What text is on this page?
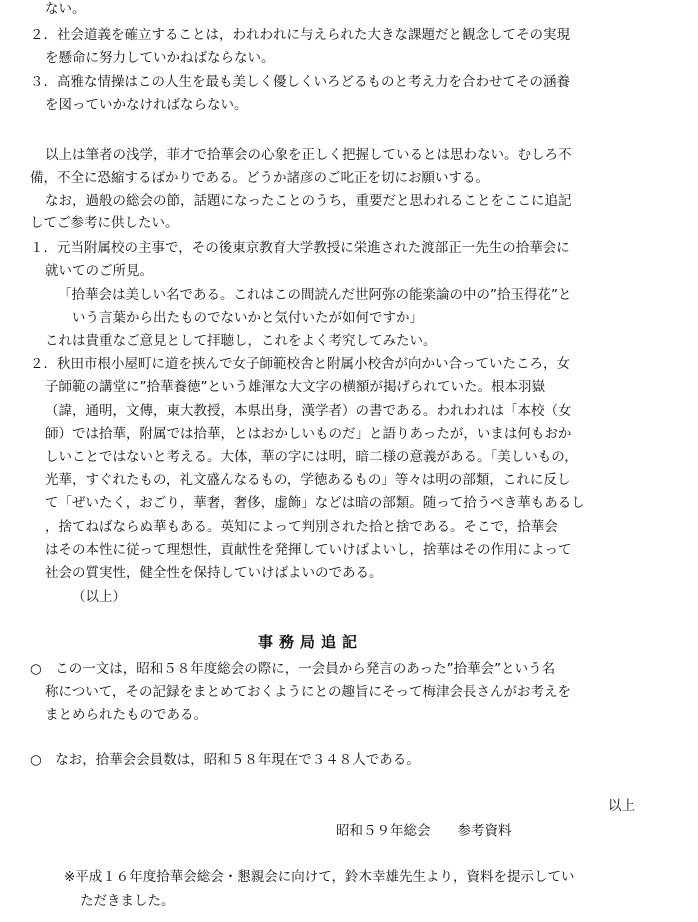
ない。
２．社会道義を確立することは，われわれに与えられた大きな課題だと観念してその実現
を懸命に努力していかねばならない。
３．高雅な情操はこの人生を最も美しく優しくいろどるものと考え力を合わせてその涵養
を図っていかなければならない。
以上は筆者の浅学，菲才で拾華会の心象を正しく把握しているとは思わない。むしろ不
備，不全に恐縮するばかりである。どうか諸彦のご叱正を切にお願いする。
なお，過般の総会の節，話題になったことのうち，重要だと思われることをここに追記
してご参考に供したい。
１．元当附属校の主事で，その後東京教育大学教授に栄進された渡部正一先生の拾華会に
就いてのご所見。
「拾華会は美しい名である。これはこの間読んだ世阿弥の能楽論の中の”拾玉得花”と
いう言葉から出たものでないかと気付いたが如何ですか」
これは貴重なご意見として拝聴し，これをよく考究してみたい。
２．秋田市根小屋町に道を挟んで女子師範校舎と附属小校舎が向かい合っていたころ，女
子師範の講堂に”拾華養徳”という雄渾な大文字の横額が掲げられていた。根本羽嶽
（諱，通明，文傳，東大教授，本県出身，漢学者）の書である。われわれは「本校（女
師）では拾華，附属では拾華，とはおかしいものだ」と語りあったが，いまは何もおか
しいことではないと考える。大体，華の字には明，暗二様の意義がある。「美しいもの，
光華，すぐれたもの，礼文盛んなるもの，学徳あるもの」等々は明の部類，これに反し
て「ぜいたく，おごり，華奢，奢侈，虚飾」などは暗の部類。随って拾うべき華もあるし
，捨てねばならぬ華もある。英知によって判別された拾と捨である。そこで，拾華会
はその本性に従って理想性，貢献性を発揮していけばよいし，捨華はその作用によって
社会の質実性，健全性を保持していけばよいのである。
（以上）
事務局追記
○　この一文は，昭和５８年度総会の際に，一会員から発言のあった”拾華会”という名
称について，その記録をまとめておくようにとの趣旨にそって梅津会長さんがお考えを
まとめられたものである。
○　なお，拾華会会員数は，昭和５８年現在で３４８人である。
以上
昭和５９年総会　　参考資料
※平成１６年度拾華会総会・懇親会に向けて，鈴木幸雄先生より，資料を提示してい
ただきました。
